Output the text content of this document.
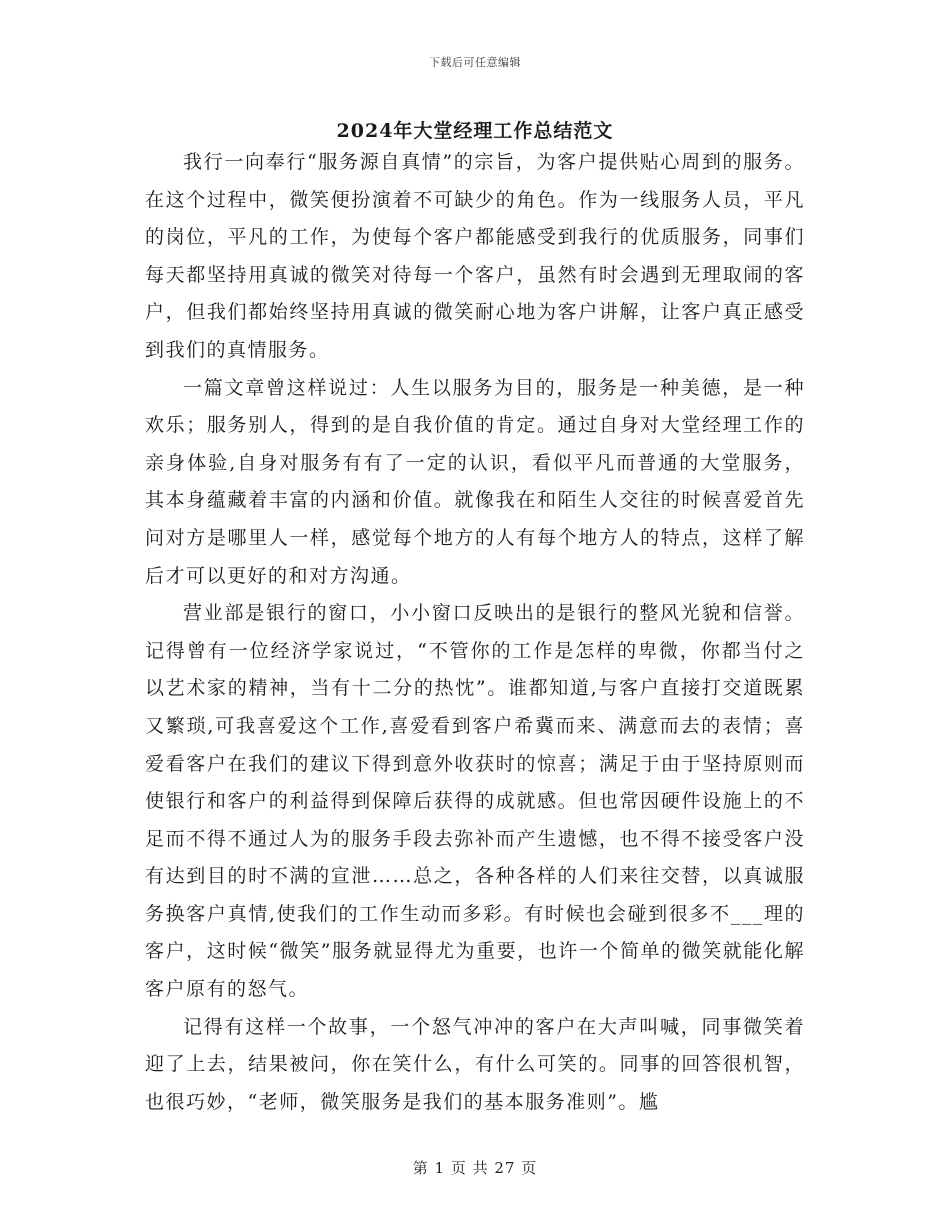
下载后可任意编辑
2024年大堂经理工作总结范文

我行一向奉行“服务源自真情”的宗旨，为客户提供贴心周到的服务。在这个过程中，微笑便扮演着不可缺少的角色。作为一线服务人员，平凡的岗位，平凡的工作，为使每个客户都能感受到我行的优质服务，同事们每天都坚持用真诚的微笑对待每一个客户，虽然有时会遇到无理取闹的客户，但我们都始终坚持用真诚的微笑耐心地为客户讲解，让客户真正感受到我们的真情服务。

一篇文章曾这样说过：人生以服务为目的，服务是一种美德，是一种欢乐；服务别人，得到的是自我价值的肯定。通过自身对大堂经理工作的亲身体验,自身对服务有有了一定的认识，看似平凡而普通的大堂服务，其本身蕴藏着丰富的内涵和价值。就像我在和陌生人交往的时候喜爱首先问对方是哪里人一样，感觉每个地方的人有每个地方人的特点，这样了解后才可以更好的和对方沟通。

营业部是银行的窗口，小小窗口反映出的是银行的整风光貌和信誉。记得曾有一位经济学家说过，“不管你的工作是怎样的卑微，你都当付之以艺术家的精神，当有十二分的热忱”。谁都知道,与客户直接打交道既累又繁琐,可我喜爱这个工作,喜爱看到客户希冀而来、满意而去的表情；喜爱看客户在我们的建议下得到意外收获时的惊喜；满足于由于坚持原则而使银行和客户的利益得到保障后获得的成就感。但也常因硬件设施上的不足而不得不通过人为的服务手段去弥补而产生遗憾，也不得不接受客户没有达到目的时不满的宣泄……总之，各种各样的人们来往交替，以真诚服务换客户真情,使我们的工作生动而多彩。有时候也会碰到很多不___理的客户，这时候“微笑”服务就显得尤为重要，也许一个简单的微笑就能化解客户原有的怒气。

记得有这样一个故事，一个怒气冲冲的客户在大声叫喊，同事微笑着迎了上去，结果被问，你在笑什么，有什么可笑的。同事的回答很机智，也很巧妙，“老师，微笑服务是我们的基本服务准则”。尴

第 1 页 共 27 页
